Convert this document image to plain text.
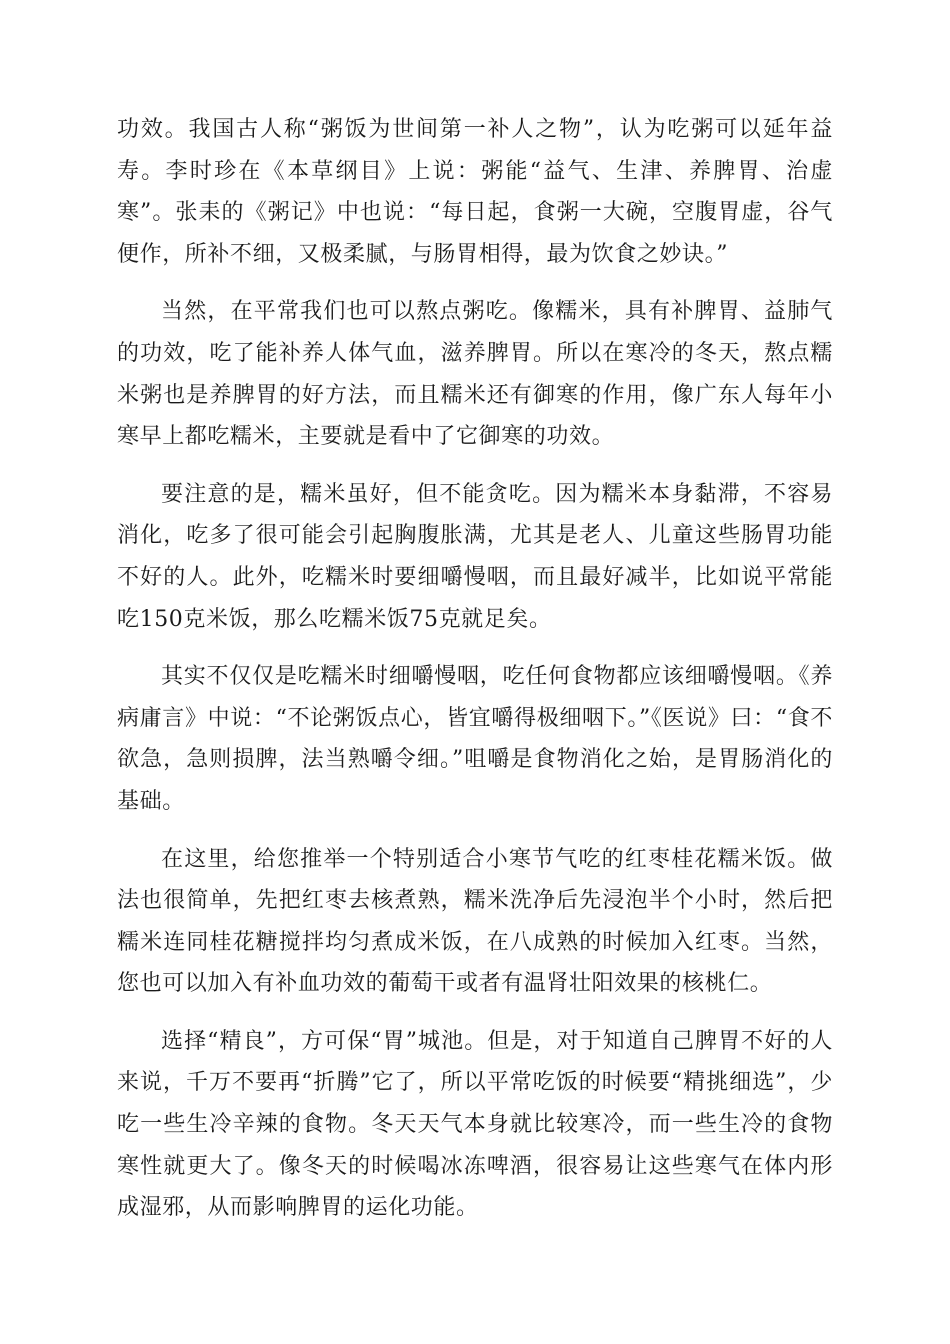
功效。我国古人称“粥饭为世间第一补人之物”，认为吃粥可以延年益寿。李时珍在《本草纲目》上说：粥能“益气、生津、养脾胃、治虚寒”。张耒的《粥记》中也说：“每日起，食粥一大碗，空腹胃虚，谷气便作，所补不细，又极柔腻，与肠胃相得，最为饮食之妙诀。”

当然，在平常我们也可以熬点粥吃。像糯米，具有补脾胃、益肺气的功效，吃了能补养人体气血，滋养脾胃。所以在寒冷的冬天，熬点糯米粥也是养脾胃的好方法，而且糯米还有御寒的作用，像广东人每年小寒早上都吃糯米，主要就是看中了它御寒的功效。

要注意的是，糯米虽好，但不能贪吃。因为糯米本身黏滞，不容易消化，吃多了很可能会引起胸腹胀满，尤其是老人、儿童这些肠胃功能不好的人。此外，吃糯米时要细嚼慢咽，而且最好减半，比如说平常能吃150克米饭，那么吃糯米饭75克就足矣。

其实不仅仅是吃糯米时细嚼慢咽，吃任何食物都应该细嚼慢咽。《养病庸言》中说：“不论粥饭点心，皆宜嚼得极细咽下。”《医说》曰：“食不欲急，急则损脾，法当熟嚼令细。”咀嚼是食物消化之始，是胃肠消化的基础。

在这里，给您推举一个特别适合小寒节气吃的红枣桂花糯米饭。做法也很简单，先把红枣去核煮熟，糯米洗净后先浸泡半个小时，然后把糯米连同桂花糖搅拌均匀煮成米饭，在八成熟的时候加入红枣。当然，您也可以加入有补血功效的葡萄干或者有温肾壮阳效果的核桃仁。

选择“精良”，方可保“胃”城池。但是，对于知道自己脾胃不好的人来说，千万不要再“折腾”它了，所以平常吃饭的时候要“精挑细选”，少吃一些生冷辛辣的食物。冬天天气本身就比较寒冷，而一些生冷的食物寒性就更大了。像冬天的时候喝冰冻啤酒，很容易让这些寒气在体内形成湿邪，从而影响脾胃的运化功能。
